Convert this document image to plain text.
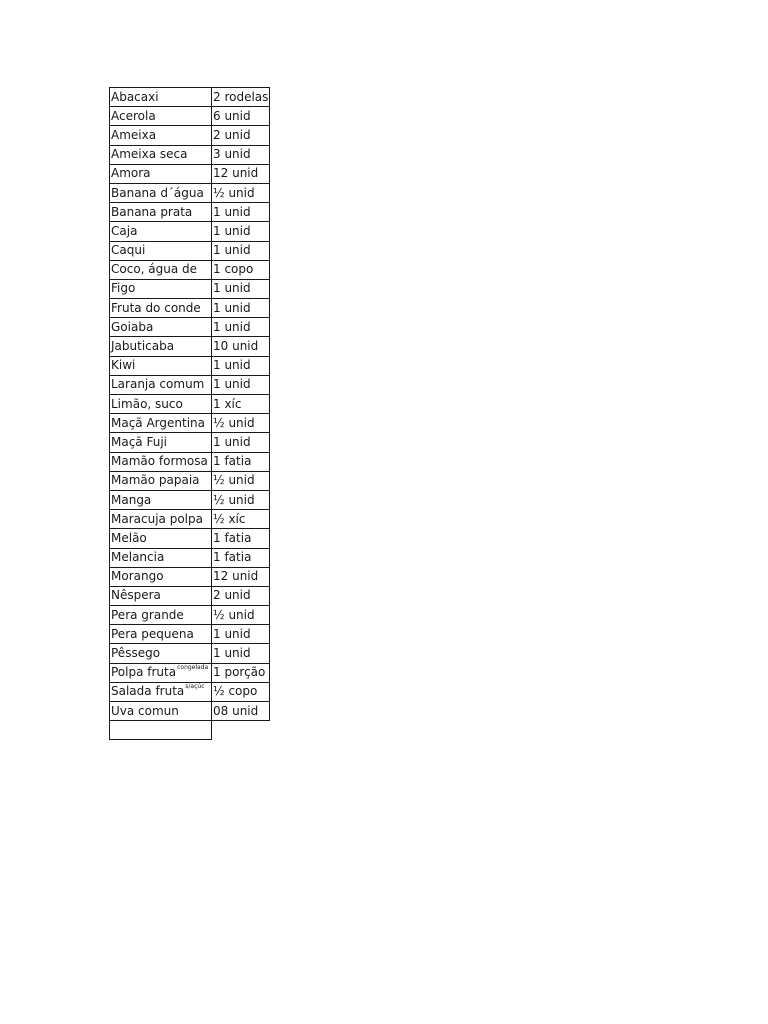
Abacaxi	2 rodelas
Acerola	6 unid
Ameixa	2 unid
Ameixa seca	3 unid
Amora	12 unid
Banana d´água	½ unid
Banana prata	1 unid
Caja	1 unid
Caqui	1 unid
Coco, água de	1 copo
Figo	1 unid
Fruta do conde	1 unid
Goiaba	1 unid
Jabuticaba	10 unid
Kiwi	1 unid
Laranja comum	1 unid
Limão, suco	1 xíc
Maçã Argentina	½ unid
Maçã Fuji	1 unid
Mamão formosa	1 fatia
Mamão papaia	½ unid
Manga	½ unid
Maracuja polpa	½ xíc
Melão	1 fatia
Melancia	1 fatia
Morango	12 unid
Nêspera	2 unid
Pera grande	½ unid
Pera pequena	1 unid
Pêssego	1 unid
Polpa fruta$^{congelada}$	1 porção
Salada fruta$^{s/açúc}$	½ copo
Uva comun	08 unid
